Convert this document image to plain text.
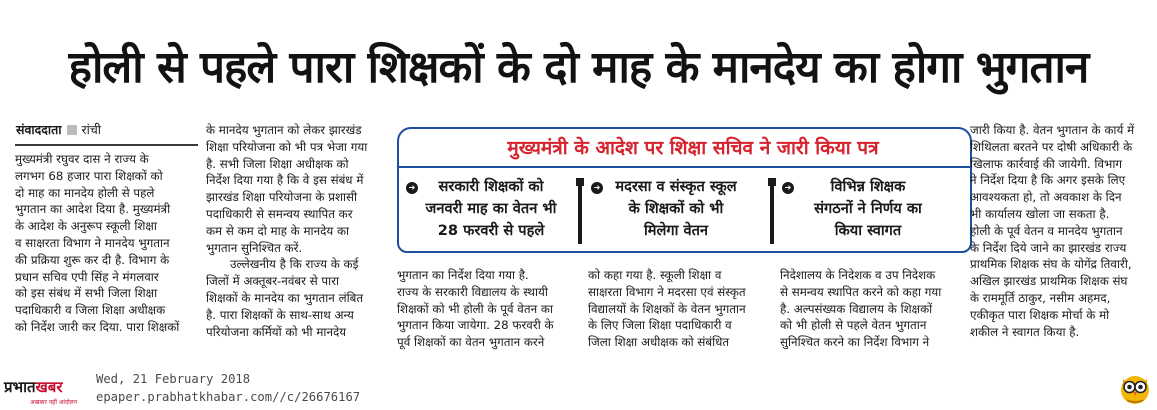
होली से पहले पारा शिक्षकों के दो माह के मानदेय का होगा भुगतान
संवाददाता रांची

मुख्यमंत्री रघुवर दास ने राज्य के

लगभग 68 हजार पारा शिक्षकों को

दो माह का मानदेय होली से पहले

भुगतान का आदेश दिया है. मुख्यमंत्री

के आदेश के अनुरूप स्कूली शिक्षा

व साक्षरता विभाग ने मानदेय भुगतान

की प्रक्रिया शुरू कर दी है. विभाग के

प्रधान सचिव एपी सिंह ने मंगलवार

को इस संबंध में सभी जिला शिक्षा

पदाधिकारी व जिला शिक्षा अधीक्षक

को निर्देश जारी कर दिया. पारा शिक्षकों

के मानदेय भुगतान को लेकर झारखंड

शिक्षा परियोजना को भी पत्र भेजा गया

है. सभी जिला शिक्षा अधीक्षक को

निर्देश दिया गया है कि वे इस संबंध में

झारखंड शिक्षा परियोजना के प्रशासी

पदाधिकारी से समन्वय स्थापित कर

कम से कम दो माह के मानदेय का

भुगतान सुनिश्चित करें.

उल्लेखनीय है कि राज्य के कई

जिलों में अक्तूबर-नवंबर से पारा

शिक्षकों के मानदेय का भुगतान लंबित

है. पारा शिक्षकों के साथ-साथ अन्य

परियोजना कर्मियों को भी मानदेय

मुख्यमंत्री के आदेश पर शिक्षा सचिव ने जारी किया पत्र
➜	सरकारी शिक्षकों को
जनवरी माह का वेतन भी
28 फरवरी से पहले
➜	मदरसा व संस्कृत स्कूल
के शिक्षकों को भी
मिलेगा वेतन
➜	विभिन्न शिक्षक
संगठनों ने निर्णय का
किया स्वागत

भुगतान का निर्देश दिया गया है.

राज्य के सरकारी विद्यालय के स्थायी

शिक्षकों को भी होली के पूर्व वेतन का

भुगतान किया जायेगा. 28 फरवरी के

पूर्व शिक्षकों का वेतन भुगतान करने

को कहा गया है. स्कूली शिक्षा व

साक्षरता विभाग ने मदरसा एवं संस्कृत

विद्यालयों के शिक्षकों के वेतन भुगतान

के लिए जिला शिक्षा पदाधिकारी व

जिला शिक्षा अधीक्षक को संबंधित

निदेशालय के निदेशक व उप निदेशक

से समन्वय स्थापित करने को कहा गया

है. अल्पसंख्यक विद्यालय के शिक्षकों

को भी होली से पहले वेतन भुगतान

सुनिश्चित करने का निर्देश विभाग ने

जारी किया है. वेतन भुगतान के कार्य में

शिथिलता बरतने पर दोषी अधिकारी के

खिलाफ कार्रवाई की जायेगी. विभाग

ने निर्देश दिया है कि अगर इसके लिए

आवश्यकता हो, तो अवकाश के दिन

भी कार्यालय खोला जा सकता है.

होली के पूर्व वेतन व मानदेय भुगतान

के निर्देश दिये जाने का झारखंड राज्य

प्राथमिक शिक्षक संघ के योगेंद्र तिवारी,

अखिल झारखंड प्राथमिक शिक्षक संघ

के राममूर्ति ठाकुर, नसीम अहमद,

एकीकृत पारा शिक्षक मोर्चा के मो

शकील ने स्वागत किया है.

प्रभातखबर
अखबार नहीं आंदोलन
Wed, 21 February 2018
epaper.prabhatkhabar.com//c/26676167
